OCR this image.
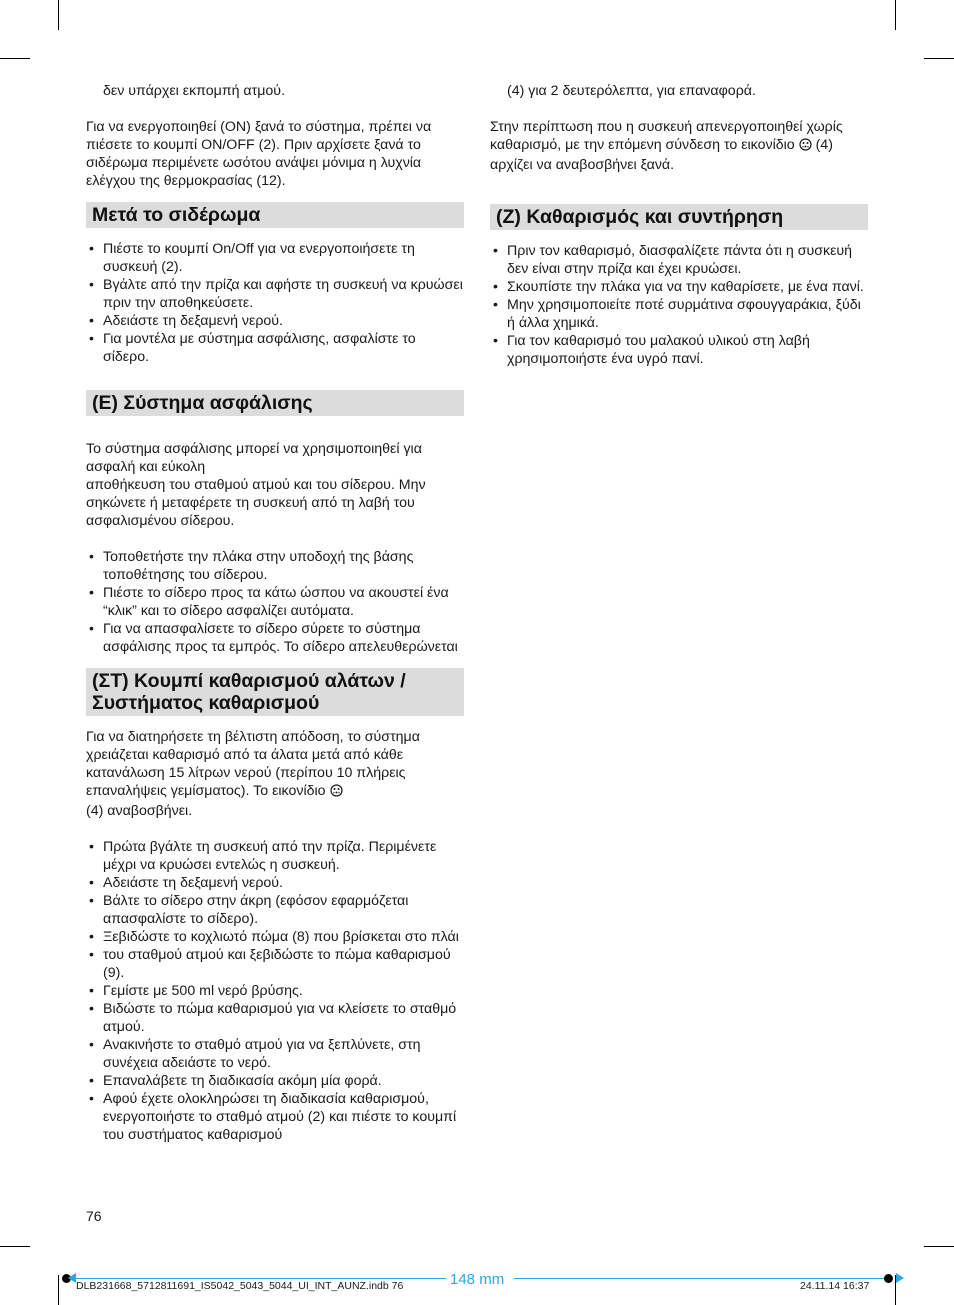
δεν υπάρχει εκπομπή ατμού.

Για να ενεργοποιηθεί (ON) ξανά το σύστημα, πρέπει να πιέσετε το κουμπί ON/OFF (2). Πριν αρχίσετε ξανά το σιδέρωμα περιμένετε ωσότου ανάψει μόνιμα η λυχνία ελέγχου της θερμοκρασίας (12).

Μετά το σιδέρωμα
• Πιέστε το κουμπί On/Off για να ενεργοποιήσετε τη συσκευή (2).
• Βγάλτε από την πρίζα και αφήστε τη συσκευή να κρυώσει πριν την αποθηκεύσετε.
• Αδειάστε τη δεξαμενή νερού.
• Για μοντέλα με σύστημα ασφάλισης, ασφαλίστε το σίδερο.
(Ε) Σύστημα ασφάλισης

Το σύστημα ασφάλισης μπορεί να χρησιμοποιηθεί για ασφαλή και εύκολη

αποθήκευση του σταθμού ατμού και του σίδερου. Μην σηκώνετε ή μεταφέρετε τη συσκευή από τη λαβή του ασφαλισμένου σίδερου.

• Τοποθετήστε την πλάκα στην υποδοχή της βάσης τοποθέτησης του σίδερου.
• Πιέστε το σίδερο προς τα κάτω ώσπου να ακουστεί ένα “κλικ” και το σίδερο ασφαλίζει αυτόματα.
• Για να απασφαλίσετε το σίδερο σύρετε το σύστημα ασφάλισης προς τα εμπρός. Το σίδερο απελευθερώνεται
(ΣΤ) Κουμπί καθαρισμού αλάτων /
Συστήματος καθαρισμού

Για να διατηρήσετε τη βέλτιστη απόδοση, το σύστημα χρειάζεται καθαρισμό από τα άλατα μετά από κάθε κατανάλωση 15 λίτρων νερού (περίπου 10 πλήρεις επαναλήψεις γεμίσματος). Το εικονίδιο
(4) αναβοσβήνει.

• Πρώτα βγάλτε τη συσκευή από την πρίζα. Περιμένετε μέχρι να κρυώσει εντελώς η συσκευή.
• Αδειάστε τη δεξαμενή νερού.
• Βάλτε το σίδερο στην άκρη (εφόσον εφαρμόζεται απασφαλίστε το σίδερο).
• Ξεβιδώστε το κοχλιωτό πώμα (8) που βρίσκεται στο πλάι
• του σταθμού ατμού και ξεβιδώστε το πώμα καθαρισμού (9).
• Γεμίστε με 500 ml νερό βρύσης.
• Βιδώστε το πώμα καθαρισμού για να κλείσετε το σταθμό ατμού.
• Ανακινήστε το σταθμό ατμού για να ξεπλύνετε, στη συνέχεια αδειάστε το νερό.
• Επαναλάβετε τη διαδικασία ακόμη μία φορά.
• Αφού έχετε ολοκληρώσει τη διαδικασία καθαρισμού, ενεργοποιήστε το σταθμό ατμού (2) και πιέστε το κουμπί του συστήματος καθαρισμού

(4) για 2 δευτερόλεπτα, για επαναφορά.

Στην περίπτωση που η συσκευή απενεργοποιηθεί χωρίς καθαρισμό, με την επόμενη σύνδεση το εικονίδιο (4) αρχίζει να αναβοσβήνει ξανά.

(Z) Καθαρισμός και συντήρηση
• Πριν τον καθαρισμό, διασφαλίζετε πάντα ότι η συσκευή δεν είναι στην πρίζα και έχει κρυώσει.
• Σκουπίστε την πλάκα για να την καθαρίσετε, με ένα πανί.
• Μην χρησιμοποιείτε ποτέ συρμάτινα σφουγγαράκια, ξύδι ή άλλα χημικά.
• Για τον καθαρισμό του μαλακού υλικού στη λαβή χρησιμοποιήστε ένα υγρό πανί.
76
148 mm
DLB231668_5712811691_IS5042_5043_5044_UI_INT_AUNZ.indb 76	24.11.14 16:37
